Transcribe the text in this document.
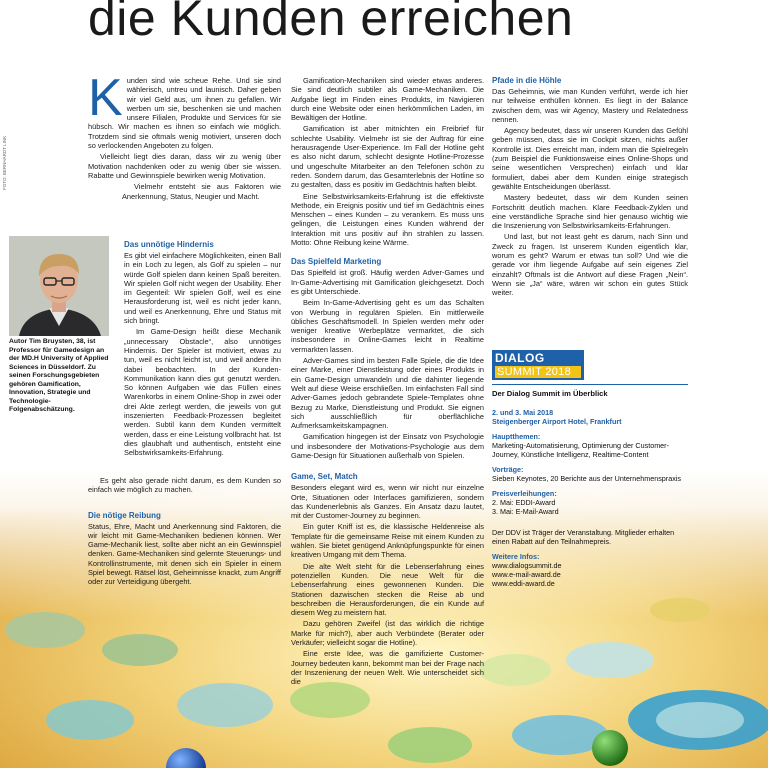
die Kunden erreichen
FOTO: BERNHARDT LINK
Autor Tim Bruysten, 38, ist Professor für Gamedesign an der MD.H University of Applied Sciences in Düsseldorf. Zu seinen Forschungsgebieten gehören Gamification, Innovation, Strategie und Technologie-Folgenabschätzung.

Kunden sind wie scheue Rehe. Und sie sind wählerisch, untreu und launisch. Daher geben wir viel Geld aus, um ihnen zu gefallen. Wir werben um sie, beschenken sie und machen unsere Filialen, Produkte und Services für sie hübsch. Wir machen es ihnen so einfach wie möglich. Trotzdem sind sie oftmals wenig motiviert, unseren doch so verlockenden Angeboten zu folgen.

Vielleicht liegt dies daran, dass wir zu wenig über Motivation nachdenken oder zu wenig über sie wissen. Rabatte und Gewinnspiele bewirken wenig Motivation.

Vielmehr entsteht sie aus Faktoren wie Anerkennung, Status, Neugier und Macht.

Das unnötige Hindernis

Es gibt viel einfachere Möglichkeiten, einen Ball in ein Loch zu legen, als Golf zu spielen – nur würde Golf spielen dann keinen Spaß bereiten. Wir spielen Golf nicht wegen der Usability. Eher im Gegenteil: Wir spielen Golf, weil es eine Herausforderung ist, weil es nicht jeder kann, und weil es Anerkennung, Ehre und Status mit sich bringt.

Im Game-Design heißt diese Mechanik „unnecessary Obstacle“, also unnötiges Hindernis. Der Spieler ist motiviert, etwas zu tun, weil es nicht leicht ist, und weil andere ihn dabei beobachten. In der Kunden-Kommunikation kann dies gut genutzt werden. So können Aufgaben wie das Füllen eines Warenkorbs in einem Online-Shop in zwei oder drei Akte zerlegt werden, die jeweils von gut inszenierten Feedback-Prozessen begleitet werden. Subtil kann dem Kunden vermittelt werden, dass er eine Leistung vollbracht hat. Ist dies glaubhaft und authentisch, entsteht eine Selbstwirksamkeits-Erfahrung.

Es geht also gerade nicht darum, es dem Kunden so einfach wie möglich zu machen.

Die nötige Reibung

Status, Ehre, Macht und Anerkennung sind Faktoren, die wir leicht mit Game-Mechaniken bedienen können. Wer Game-Mechanik liest, sollte aber nicht an ein Gewinnspiel denken. Game-Mechaniken sind gelernte Steuerungs- und Kontrollinstrumente, mit denen sich ein Spieler in einem Spiel bewegt. Rätsel löst, Geheimnisse knackt, zum Angriff oder zur Verteidigung übergeht.

Gamification-Mechaniken sind wieder etwas anderes. Sie sind deutlich subtiler als Game-Mechaniken. Die Aufgabe liegt im Finden eines Produkts, im Navigieren durch eine Website oder einen herkömmlichen Laden, im Bewältigen der Hotline.

Gamification ist aber mitnichten ein Freibrief für schlechte Usability. Vielmehr ist sie der Auftrag für eine herausragende User-Experience. Im Fall der Hotline geht es also nicht darum, schlecht designte Hotline-Prozesse und ungeschulte Mitarbeiter an den Telefonen schön zu reden. Sondern darum, das Gesamterlebnis der Hotline so zu gestalten, dass es positiv im Gedächtnis haften bleibt.

Eine Selbstwirksamkeits-Erfahrung ist die effektivste Methode, ein Ereignis positiv und tief im Gedächtnis eines Menschen – eines Kunden – zu verankern. Es muss uns gelingen, die Leistungen eines Kunden während der Interaktion mit uns positiv auf ihn strahlen zu lassen. Motto: Ohne Reibung keine Wärme.

Das Spielfeld Marketing

Das Spielfeld ist groß. Häufig werden Adver-Games und In-Game-Advertising mit Gamification gleichgesetzt. Doch es gibt Unterschiede.

Beim In-Game-Advertising geht es um das Schalten von Werbung in regulären Spielen. Ein mittlerweile übliches Geschäftsmodell. In Spielen werden mehr oder weniger kreative Werbeplätze vermarktet, die sich insbesondere in Online-Games leicht in Realtime vermarkten lassen.

Adver-Games sind im besten Falle Spiele, die die Idee einer Marke, einer Dienstleistung oder eines Produkts in ein Game-Design umwandeln und die dahinter liegende Welt auf diese Weise erschließen. Im einfachsten Fall sind Adver-Games jedoch gebrandete Spiele-Templates ohne Bezug zu Marke, Dienstleistung und Produkt. Sie eignen sich ausschließlich für oberflächliche Aufmerksamkeitskampagnen.

Gamification hingegen ist der Einsatz von Psychologie und insbesondere der Motivations-Psychologie aus dem Game-Design für Situationen außerhalb von Spielen.

Game, Set, Match

Besonders elegant wird es, wenn wir nicht nur einzelne Orte, Situationen oder Interfaces gamifizieren, sondern das Kundenerlebnis als Ganzes. Ein Ansatz dazu lautet, mit der Customer-Journey zu beginnen.

Ein guter Kniff ist es, die klassische Heldenreise als Template für die gemeinsame Reise mit einem Kunden zu wählen. Sie bietet genügend Anknüpfungspunkte für einen kreativen Umgang mit dem Thema.

Die alte Welt steht für die Lebenserfahrung eines potenziellen Kunden. Die neue Welt für die Lebenserfahrung eines gewonnenen Kunden. Die Stationen dazwischen stecken die Reise ab und beschreiben die Herausforderungen, die ein Kunde auf diesem Weg zu meistern hat.

Dazu gehören Zweifel (ist das wirklich die richtige Marke für mich?), aber auch Verbündete (Berater oder Verkäufer; vielleicht sogar die Hotline).

Eine erste Idee, was die gamifizierte Customer-Journey bedeuten kann, bekommt man bei der Frage nach der Inszenierung der neuen Welt. Wie unterscheidet sich die

Pfade in die Höhle

Das Geheimnis, wie man Kunden verführt, werde ich hier nur teilweise enthüllen können. Es liegt in der Balance zwischen dem, was wir Agency, Mastery und Relatedness nennen.

Agency bedeutet, dass wir unseren Kunden das Gefühl geben müssen, dass sie im Cockpit sitzen, nichts außer Kontrolle ist. Dies erreicht man, indem man die Spielregeln (zum Beispiel die Funktionsweise eines Online-Shops und seine wesentlichen Versprechen) einfach und klar formuliert, dabei aber dem Kunden einige strategisch gewählte Entscheidungen überlässt.

Mastery bedeutet, dass wir dem Kunden seinen Fortschritt deutlich machen. Klare Feedback-Zyklen und eine verständliche Sprache sind hier genauso wichtig wie die Inszenierung von Selbstwirksamkeits-Erfahrungen.

Und last, but not least geht es darum, nach Sinn und Zweck zu fragen. Ist unserem Kunden eigentlich klar, worum es geht? Warum er etwas tun soll? Und wie die gerade vor ihm liegende Aufgabe auf sein eigenes Ziel einzahlt? Oftmals ist die Antwort auf diese Fragen „Nein“. Wenn sie „Ja“ wäre, wären wir schon ein gutes Stück weiter.

DIALOG
SUMMIT 2018
Der Dialog Summit im Überblick
2. und 3. Mai 2018
Steigenberger Airport Hotel, Frankfurt
Hauptthemen:
Marketing-Automatisierung, Optimierung der Customer-Journey, Künstliche Intelligenz, Realtime-Content
Vorträge:
Sieben Keynotes, 20 Berichte aus der Unternehmenspraxis
Preisverleihungen:
2. Mai: EDDI-Award
3. Mai: E-Mail-Award
Der DDV ist Träger der Veranstaltung. Mitglieder erhalten einen Rabatt auf den Teilnahmepreis.
Weitere Infos:
www.dialogsummit.de
www.e-mail-award.de
www.eddi-award.de
